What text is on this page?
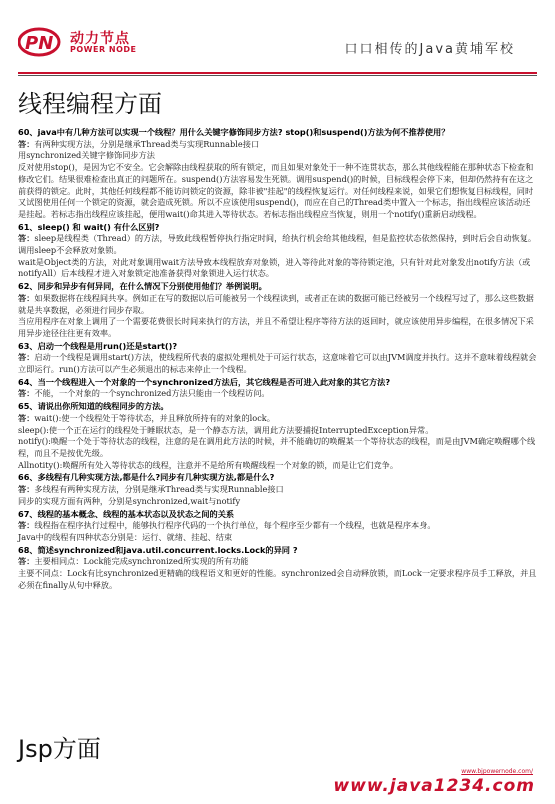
PN 动力节点
POWER NODE	口口相传的Java黄埔军校
线程编程方面
60、java中有几种方法可以实现一个线程？用什么关键字修饰同步方法? stop()和suspend()方法为何不推荐使用？
答：有两种实现方法，分别是继承Thread类与实现Runnable接口
用synchronized关键字修饰同步方法
反对使用stop()，是因为它不安全。它会解除由线程获取的所有锁定，而且如果对象处于一种不连贯状态，那么其他线程能在那种状态下检查和修改它们。结果很难检查出真正的问题所在。suspend()方法容易发生死锁。调用suspend()的时候，目标线程会停下来，但却仍然持有在这之前获得的锁定。此时，其他任何线程都不能访问锁定的资源，除非被"挂起"的线程恢复运行。对任何线程来说，如果它们想恢复目标线程，同时又试图使用任何一个锁定的资源，就会造成死锁。所以不应该使用suspend()，而应在自己的Thread类中置入一个标志，指出线程应该活动还是挂起。若标志指出线程应该挂起，便用wait()命其进入等待状态。若标志指出线程应当恢复，则用一个notify()重新启动线程。
61、sleep() 和 wait() 有什么区别?
答：sleep是线程类（Thread）的方法，导致此线程暂停执行指定时间，给执行机会给其他线程，但是监控状态依然保持，到时后会自动恢复。调用sleep不会释放对象锁。
wait是Object类的方法，对此对象调用wait方法导致本线程放弃对象锁，进入等待此对象的等待锁定池，只有针对此对象发出notify方法（或notifyAll）后本线程才进入对象锁定池准备获得对象锁进入运行状态。
62、同步和异步有何异同，在什么情况下分别使用他们？举例说明。
答：如果数据将在线程间共享。例如正在写的数据以后可能被另一个线程读到，或者正在读的数据可能已经被另一个线程写过了，那么这些数据就是共享数据，必须进行同步存取。
当应用程序在对象上调用了一个需要花费很长时间来执行的方法，并且不希望让程序等待方法的返回时，就应该使用异步编程，在很多情况下采用异步途径往往更有效率。
63、启动一个线程是用run()还是start()?
答：启动一个线程是调用start()方法，使线程所代表的虚拟处理机处于可运行状态，这意味着它可以由JVM调度并执行。这并不意味着线程就会立即运行。run()方法可以产生必须退出的标志来停止一个线程。
64、当一个线程进入一个对象的一个synchronized方法后，其它线程是否可进入此对象的其它方法?
答：不能，一个对象的一个synchronized方法只能由一个线程访问。
65、请说出你所知道的线程同步的方法。
答：wait():使一个线程处于等待状态，并且释放所持有的对象的lock。
sleep():使一个正在运行的线程处于睡眠状态，是一个静态方法，调用此方法要捕捉InterruptedException异常。
notify():唤醒一个处于等待状态的线程，注意的是在调用此方法的时候，并不能确切的唤醒某一个等待状态的线程，而是由JVM确定唤醒哪个线程，而且不是按优先级。
Allnotity():唤醒所有处入等待状态的线程，注意并不是给所有唤醒线程一个对象的锁，而是让它们竞争。
66、多线程有几种实现方法,都是什么?同步有几种实现方法,都是什么?
答：多线程有两种实现方法，分别是继承Thread类与实现Runnable接口
同步的实现方面有两种，分别是synchronized,wait与notify
67、线程的基本概念、线程的基本状态以及状态之间的关系
答：线程指在程序执行过程中，能够执行程序代码的一个执行单位，每个程序至少都有一个线程，也就是程序本身。
Java中的线程有四种状态分别是：运行、就绪、挂起、结束
68、简述synchronized和java.util.concurrent.locks.Lock的异同 ?
答：主要相同点：Lock能完成synchronized所实现的所有功能
主要不同点：Lock有比synchronized更精确的线程语义和更好的性能。synchronized会自动释放锁，而Lock一定要求程序员手工释放，并且必须在finally从句中释放。
Jsp方面
www.bjpowernode.com/
www.java1234.com
